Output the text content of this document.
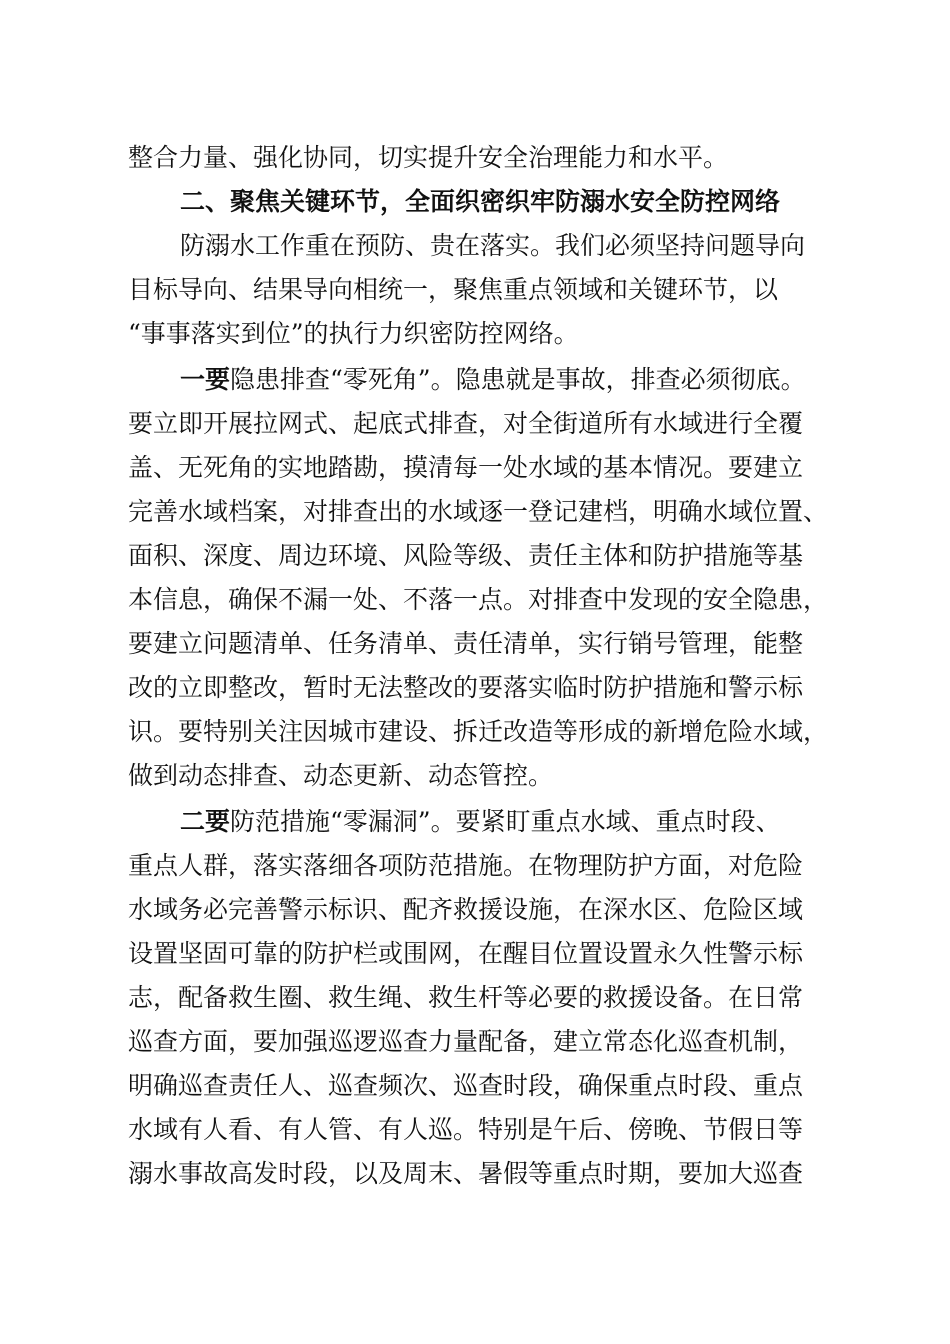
整合力量、强化协同，切实提升安全治理能力和水平。
二、聚焦关键环节，全面织密织牢防溺水安全防控网络
防溺水工作重在预防、贵在落实。我们必须坚持问题导向
目标导向、结果导向相统一，聚焦重点领域和关键环节，以
“事事落实到位”的执行力织密防控网络。
一要隐患排查“零死角”。隐患就是事故，排查必须彻底。
要立即开展拉网式、起底式排查，对全街道所有水域进行全覆
盖、无死角的实地踏勘，摸清每一处水域的基本情况。要建立
完善水域档案，对排查出的水域逐一登记建档，明确水域位置、
面积、深度、周边环境、风险等级、责任主体和防护措施等基
本信息，确保不漏一处、不落一点。对排查中发现的安全隐患，
要建立问题清单、任务清单、责任清单，实行销号管理，能整
改的立即整改，暂时无法整改的要落实临时防护措施和警示标
识。要特别关注因城市建设、拆迁改造等形成的新增危险水域，
做到动态排查、动态更新、动态管控。
二要防范措施“零漏洞”。要紧盯重点水域、重点时段、
重点人群，落实落细各项防范措施。在物理防护方面，对危险
水域务必完善警示标识、配齐救援设施，在深水区、危险区域
设置坚固可靠的防护栏或围网，在醒目位置设置永久性警示标
志，配备救生圈、救生绳、救生杆等必要的救援设备。在日常
巡查方面，要加强巡逻巡查力量配备，建立常态化巡查机制，
明确巡查责任人、巡查频次、巡查时段，确保重点时段、重点
水域有人看、有人管、有人巡。特别是午后、傍晚、节假日等
溺水事故高发时段，以及周末、暑假等重点时期，要加大巡查
